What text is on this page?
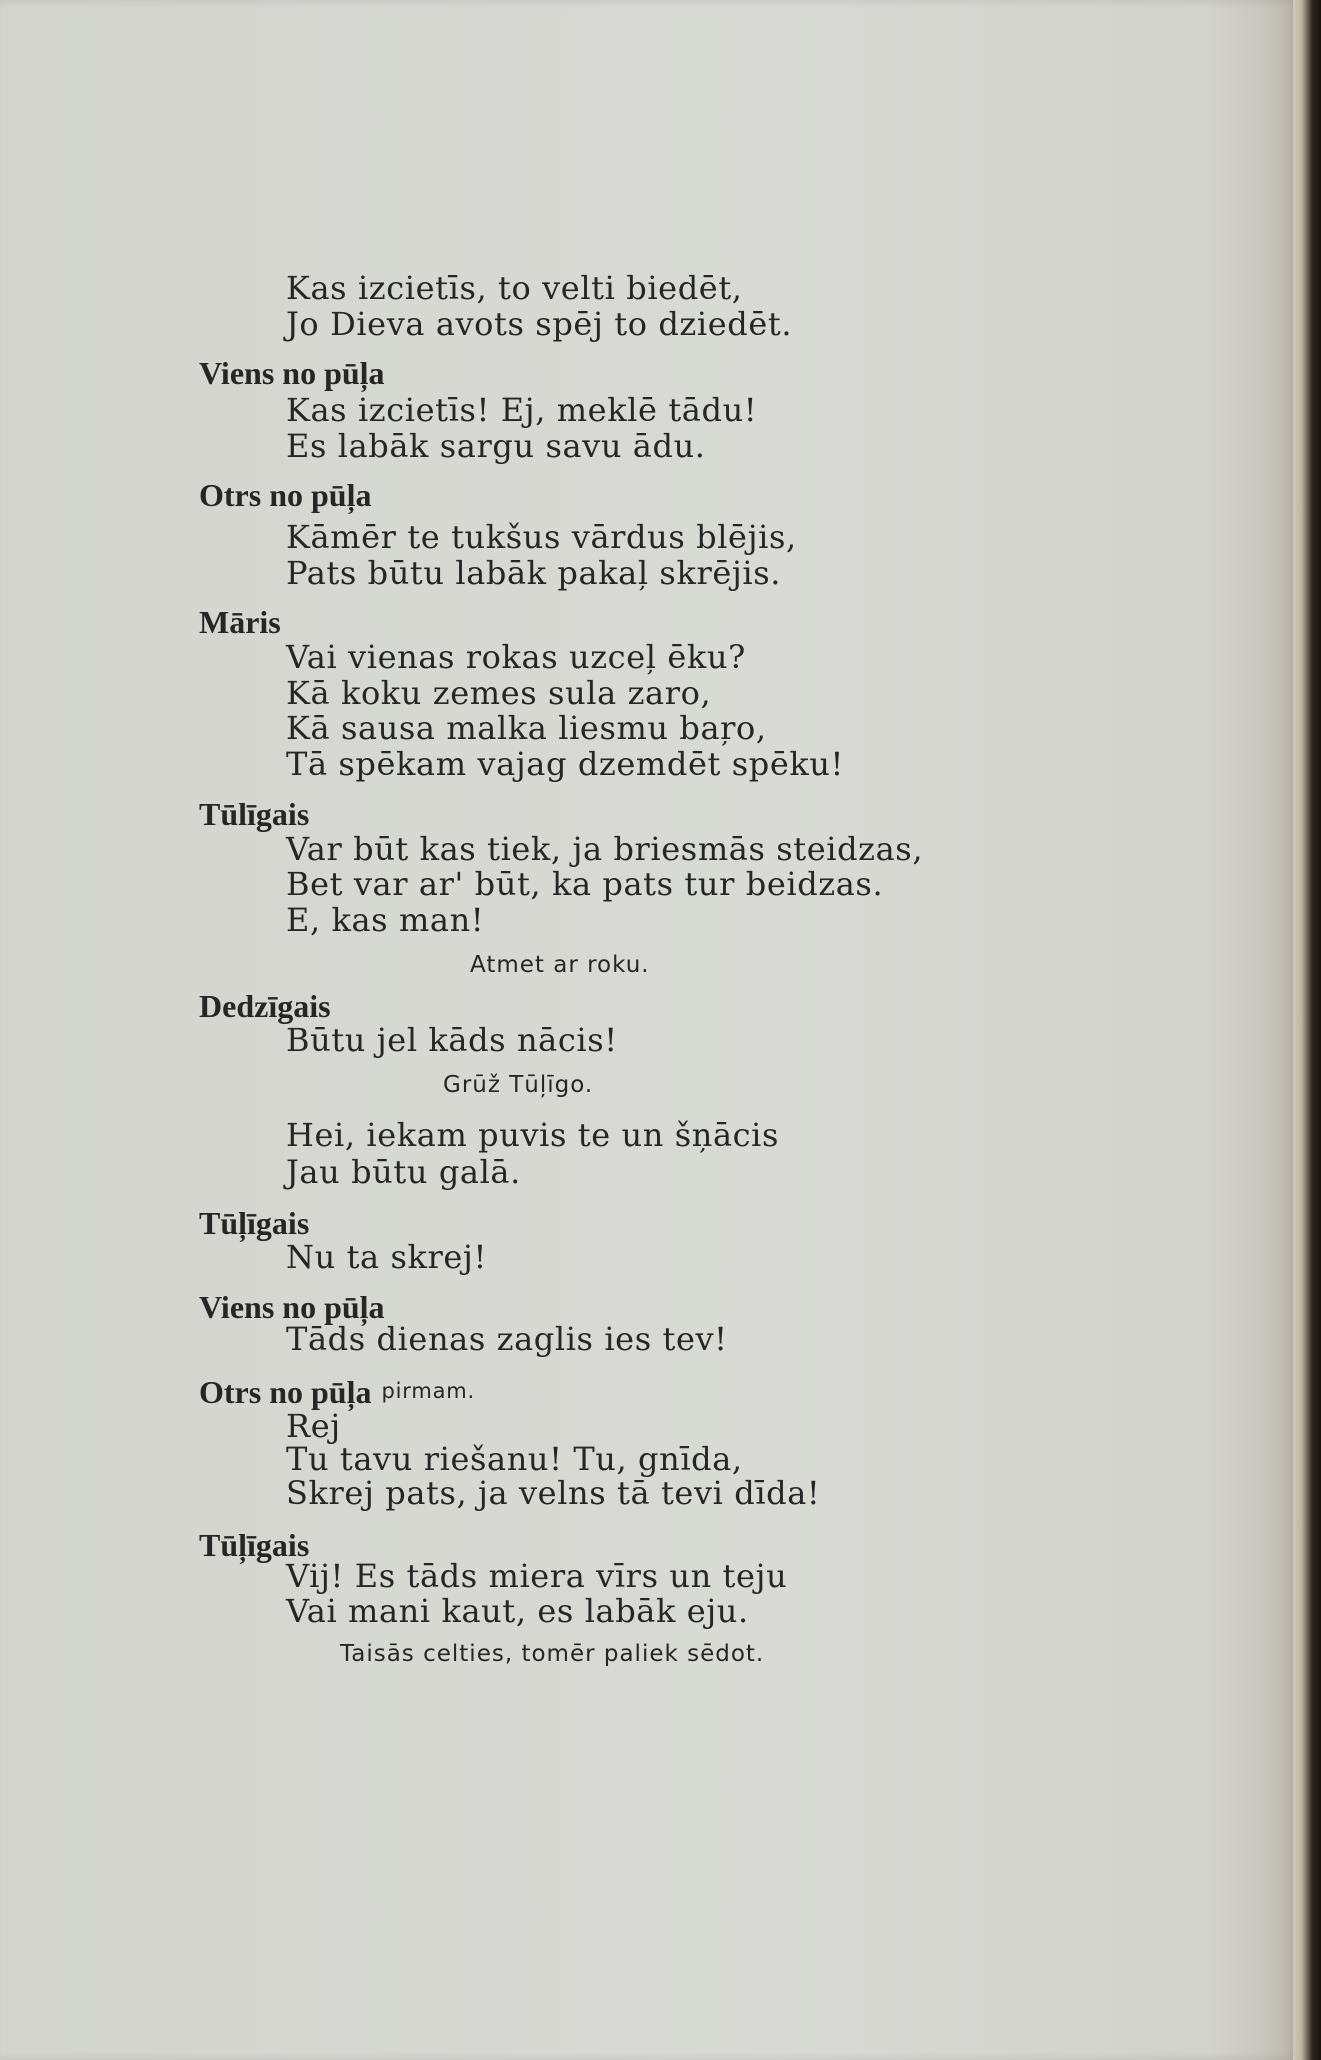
Kas izcietīs, to velti biedēt,
Jo Dieva avots spēj to dziedēt.
Viens no pūļa
Kas izcietīs! Ej, meklē tādu!
Es labāk sargu savu ādu.
Otrs no pūļa
Kāmēr te tukšus vārdus blējis,
Pats būtu labāk pakaļ skrējis.
Māris
Vai vienas rokas uzceļ ēku?
Kā koku zemes sula zaro,
Kā sausa malka liesmu baŗo,
Tā spēkam vajag dzemdēt spēku!
Tūlīgais
Var būt kas tiek, ja briesmās steidzas,
Bet var ar' būt, ka pats tur beidzas.
E, kas man!
Atmet ar roku.
Dedzīgais
Būtu jel kāds nācis!
Grūž Tūļīgo.
Hei, iekam puvis te un šņācis
Jau būtu galā.
Tūļīgais
Nu ta skrej!
Viens no pūļa
Tāds dienas zaglis ies tev!
Otrs no pūļa pirmam.
Rej
Tu tavu riešanu! Tu, gnīda,
Skrej pats, ja velns tā tevi dīda!
Tūļīgais
Vij! Es tāds miera vīrs un teju
Vai mani kaut, es labāk eju.
Taisās celties, tomēr paliek sēdot.
